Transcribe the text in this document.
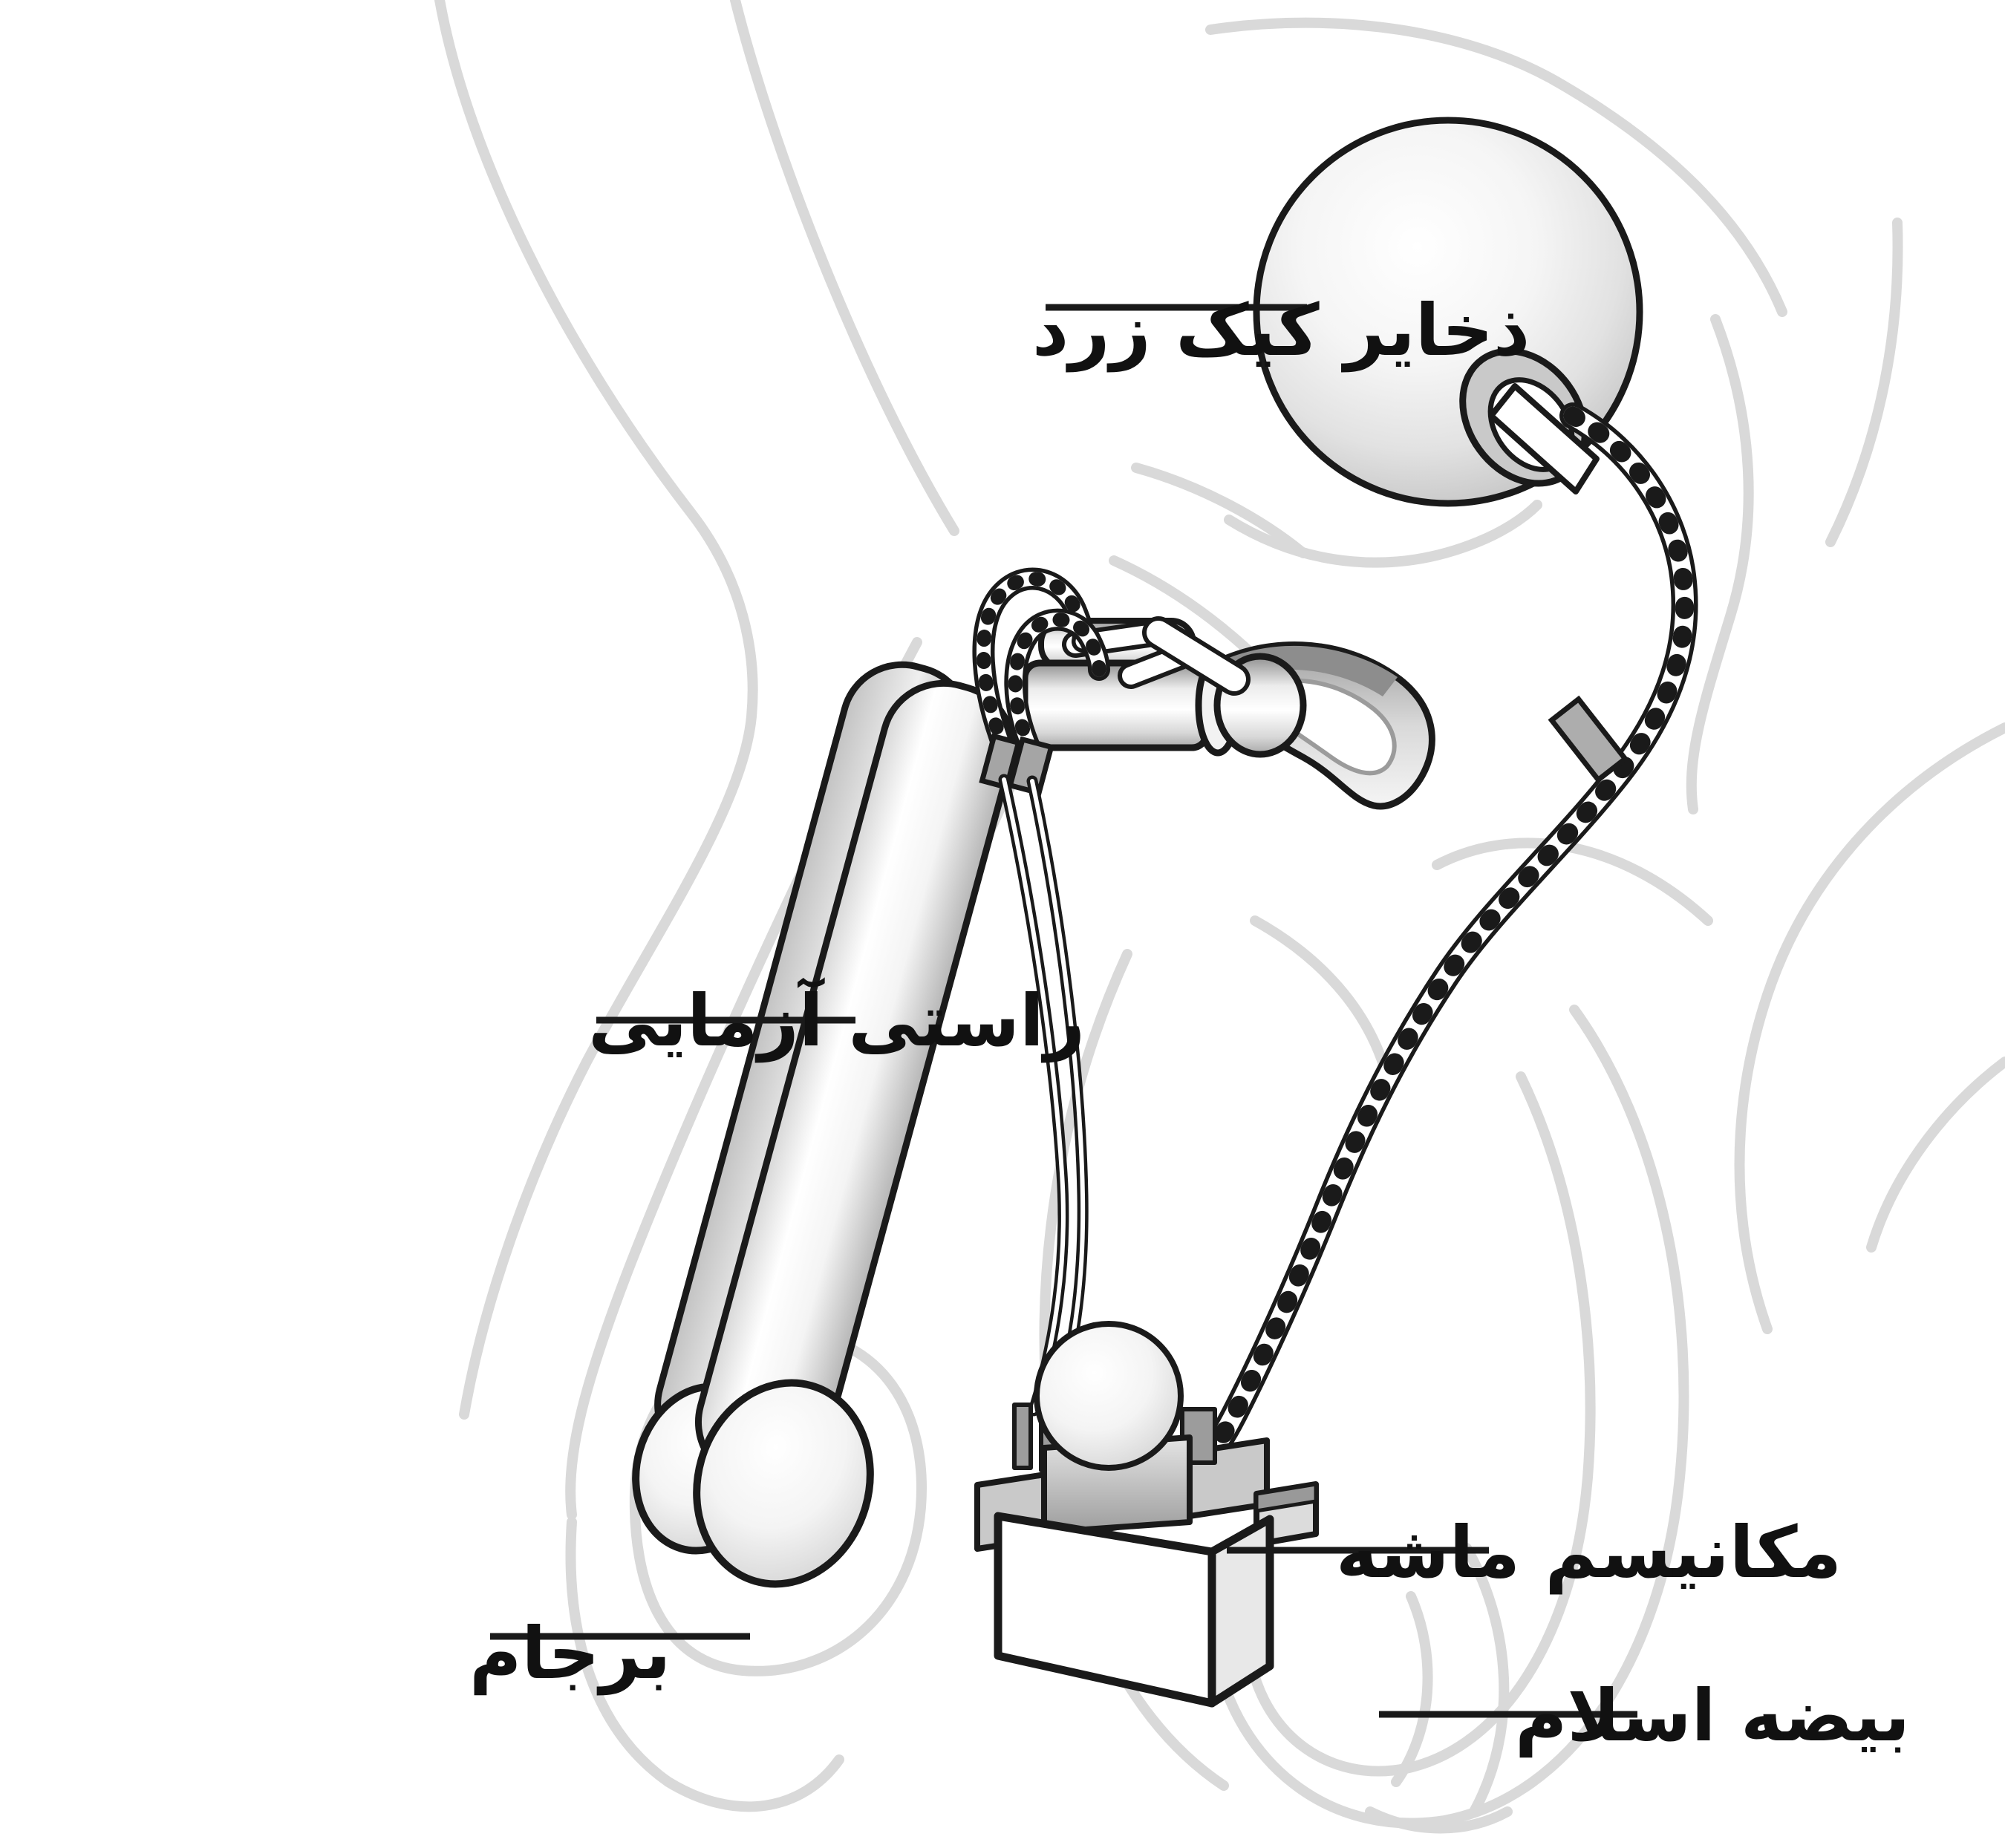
ذخایر کیک زرد
راستی آزمایی
مکانیسم ماشه
برجام
بیضه اسلام
